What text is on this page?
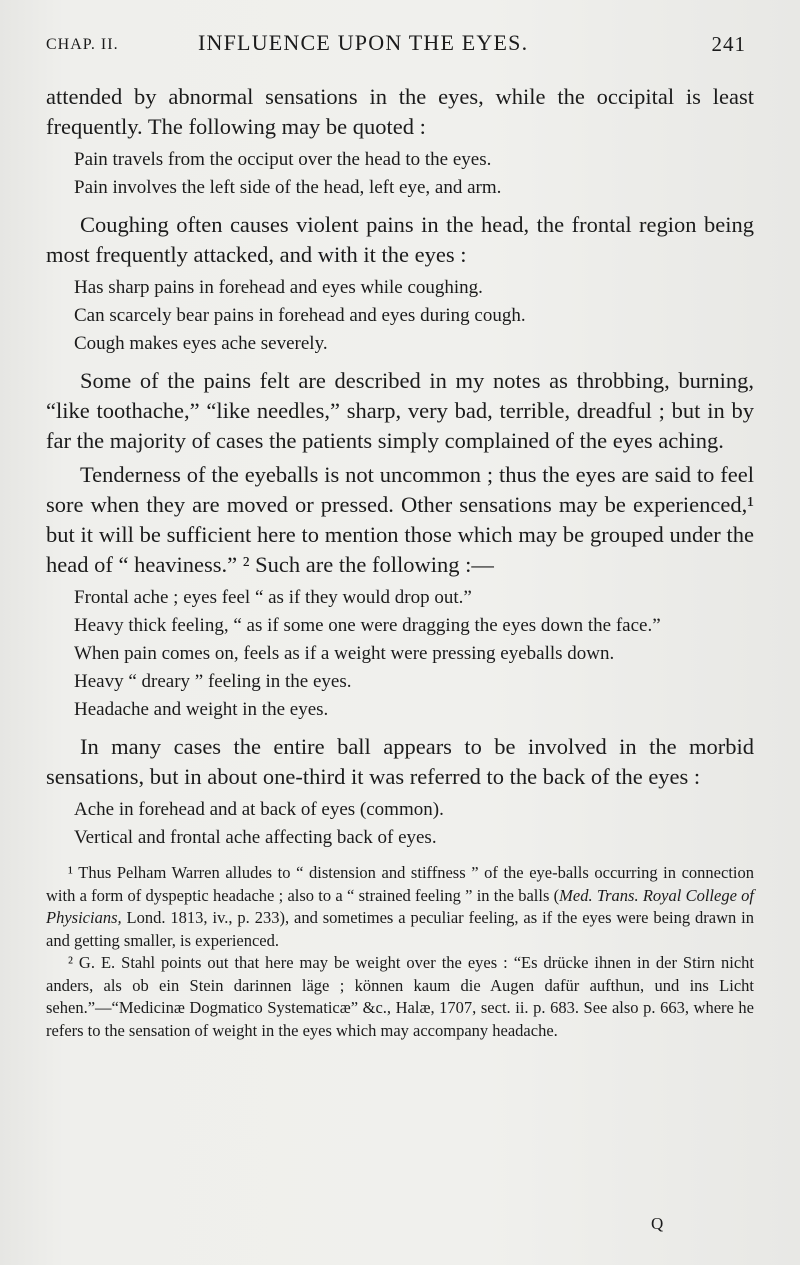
CHAP. II.	INFLUENCE UPON THE EYES.	241

attended by abnormal sensations in the eyes, while the occipital is least frequently. The following may be quoted :

Pain travels from the occiput over the head to the eyes.

Pain involves the left side of the head, left eye, and arm.

Coughing often causes violent pains in the head, the frontal region being most frequently attacked, and with it the eyes :

Has sharp pains in forehead and eyes while coughing.

Can scarcely bear pains in forehead and eyes during cough.

Cough makes eyes ache severely.

Some of the pains felt are described in my notes as throbbing, burning, “like toothache,” “like needles,” sharp, very bad, terrible, dreadful ; but in by far the majority of cases the patients simply complained of the eyes aching.

Tenderness of the eyeballs is not uncommon ; thus the eyes are said to feel sore when they are moved or pressed. Other sensations may be experienced,¹ but it will be sufficient here to mention those which may be grouped under the head of “ heaviness.” ² Such are the following :—

Frontal ache ; eyes feel “ as if they would drop out.”

Heavy thick feeling, “ as if some one were dragging the eyes down the face.”

When pain comes on, feels as if a weight were pressing eyeballs down.

Heavy “ dreary ” feeling in the eyes.

Headache and weight in the eyes.

In many cases the entire ball appears to be involved in the morbid sensations, but in about one-third it was referred to the back of the eyes :

Ache in forehead and at back of eyes (common).

Vertical and frontal ache affecting back of eyes.

¹ Thus Pelham Warren alludes to “ distension and stiffness ” of the eye-balls occurring in connection with a form of dyspeptic headache ; also to a “ strained feeling ” in the balls (Med. Trans. Royal College of Physicians, Lond. 1813, iv., p. 233), and sometimes a peculiar feeling, as if the eyes were being drawn in and getting smaller, is experienced.

² G. E. Stahl points out that here may be weight over the eyes : “Es drücke ihnen in der Stirn nicht anders, als ob ein Stein darinnen läge ; können kaum die Augen dafür aufthun, und ins Licht sehen.”—“Medicinæ Dogmatico Systematicæ” &c., Halæ, 1707, sect. ii. p. 683. See also p. 663, where he refers to the sensation of weight in the eyes which may accompany headache.

Q
